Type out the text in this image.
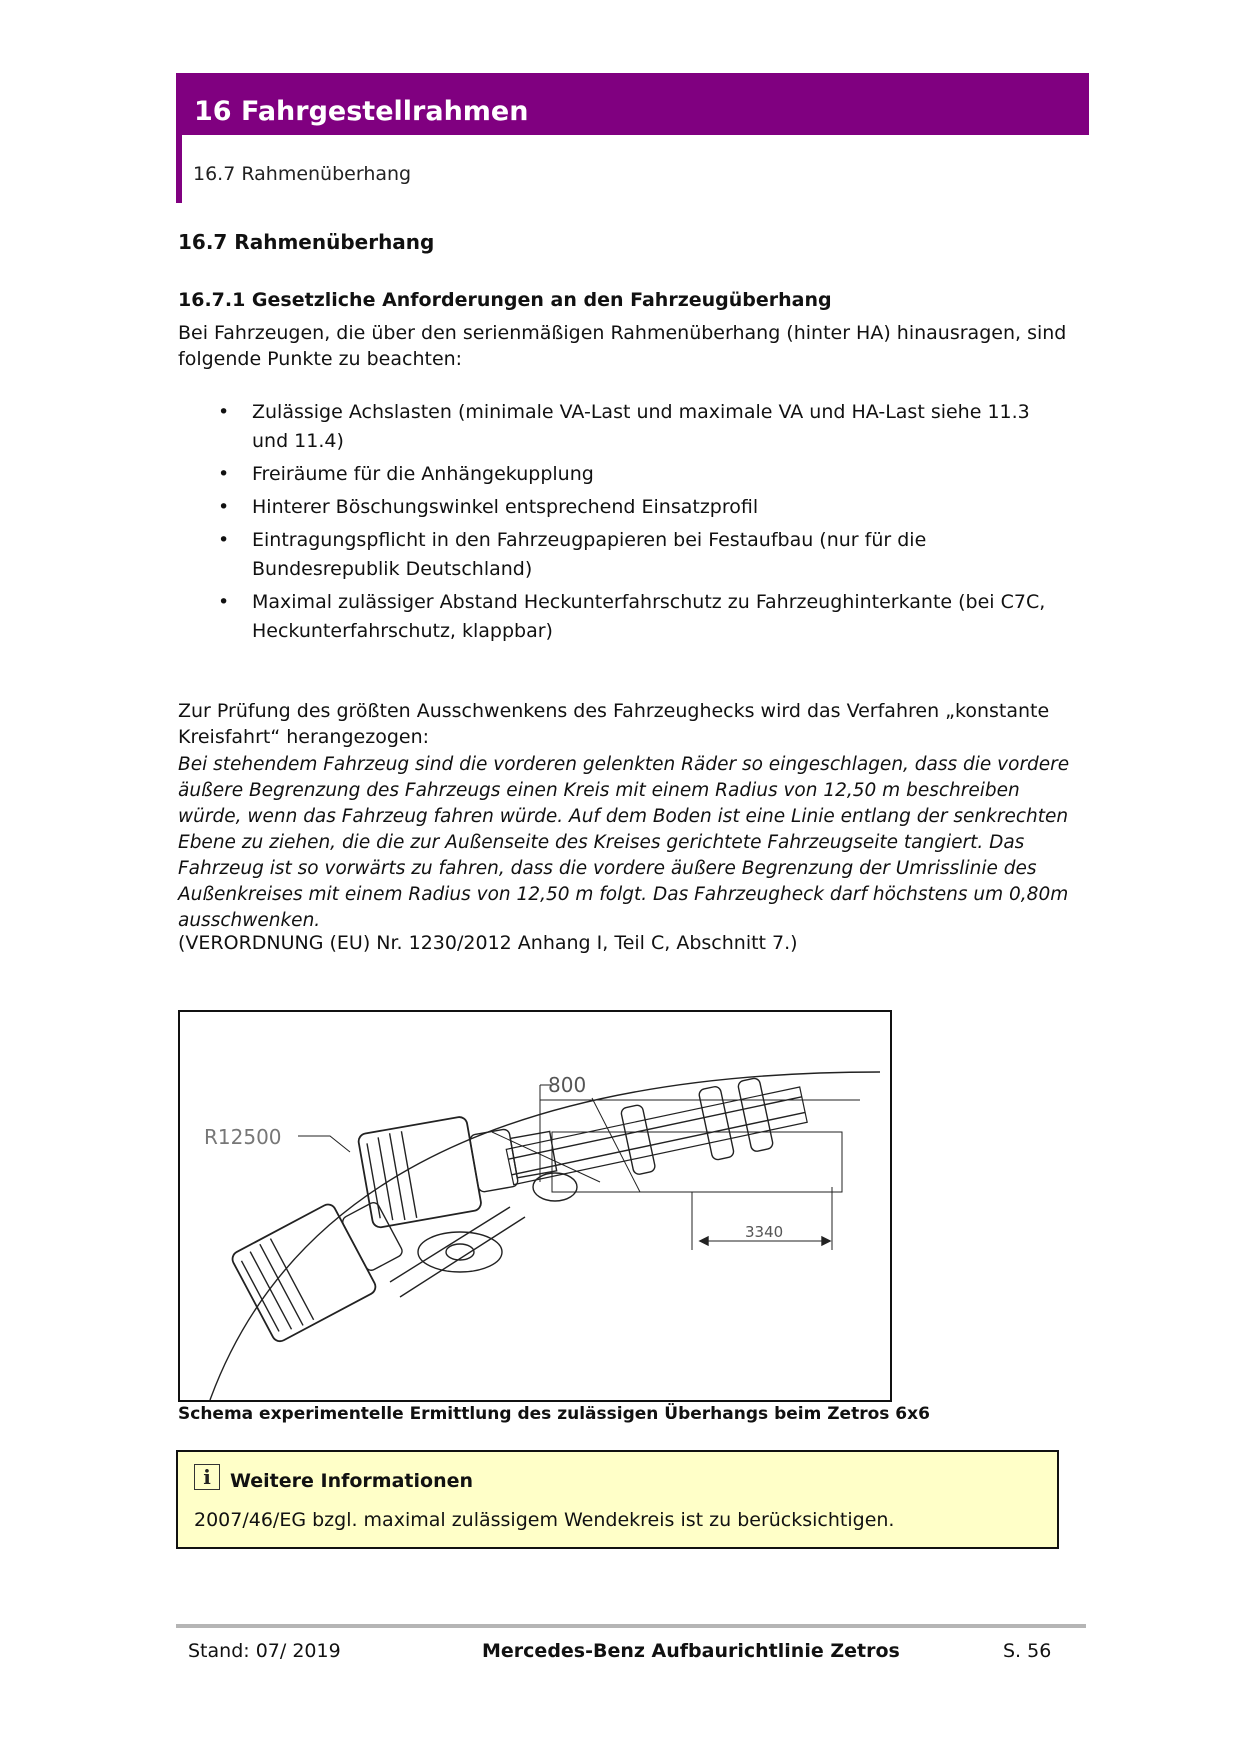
16 Fahrgestellrahmen
16.7 Rahmenüberhang
16.7 Rahmenüberhang
16.7.1 Gesetzliche Anforderungen an den Fahrzeugüberhang

Bei Fahrzeugen, die über den serienmäßigen Rahmenüberhang (hinter HA) hinausragen, sind folgende Punkte zu beachten:

• Zulässige Achslasten (minimale VA-Last und maximale VA und HA-Last siehe 11.3 und 11.4)
• Freiräume für die Anhängekupplung
• Hinterer Böschungswinkel entsprechend Einsatzprofil
• Eintragungspflicht in den Fahrzeugpapieren bei Festaufbau (nur für die Bundesrepublik Deutschland)
• Maximal zulässiger Abstand Heckunterfahrschutz zu Fahrzeughinterkante (bei C7C, Heckunterfahrschutz, klappbar)

Zur Prüfung des größten Ausschwenkens des Fahrzeughecks wird das Verfahren „konstante Kreisfahrt“ herangezogen:

Bei stehendem Fahrzeug sind die vorderen gelenkten Räder so eingeschlagen, dass die vordere äußere Begrenzung des Fahrzeugs einen Kreis mit einem Radius von 12,50 m beschreiben würde, wenn das Fahrzeug fahren würde. Auf dem Boden ist eine Linie entlang der senkrechten Ebene zu ziehen, die die zur Außenseite des Kreises gerichtete Fahrzeugseite tangiert. Das Fahrzeug ist so vorwärts zu fahren, dass die vordere äußere Begrenzung der Umrisslinie des Außenkreises mit einem Radius von 12,50 m folgt. Das Fahrzeugheck darf höchstens um 0,80m ausschwenken.

(VERORDNUNG (EU) Nr. 1230/2012 Anhang I, Teil C, Abschnitt 7.)

800
R12500
3340
Schema experimentelle Ermittlung des zulässigen Überhangs beim Zetros 6x6
i	Weitere Informationen
2007/46/EG bzgl. maximal zulässigem Wendekreis ist zu berücksichtigen.
Stand: 07/ 2019	Mercedes-Benz Aufbaurichtlinie Zetros	S. 56
